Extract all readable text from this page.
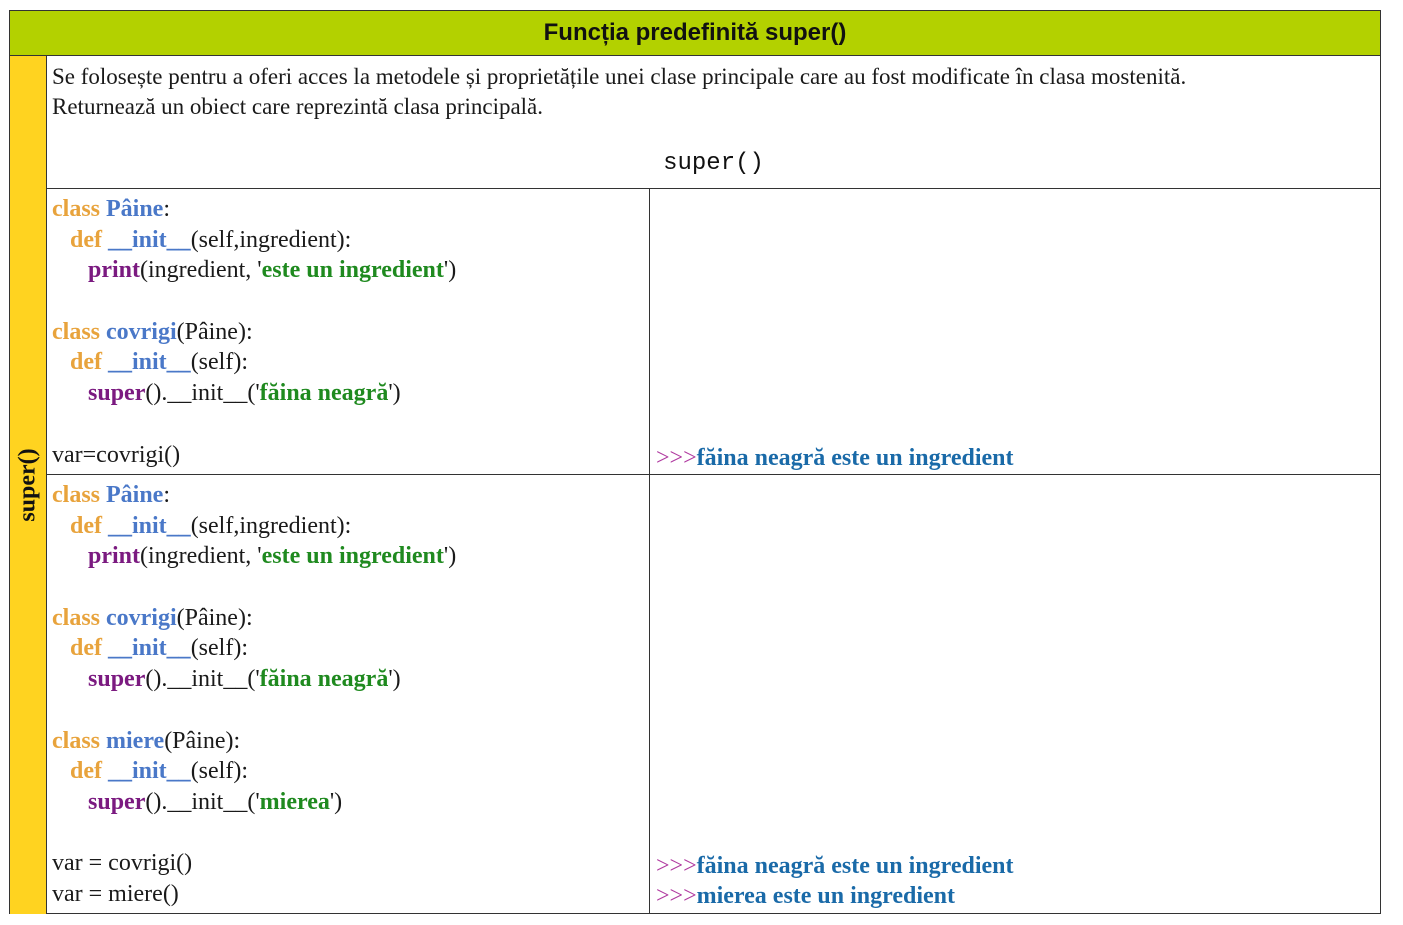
Funcția predefinită super()
super()
Se folosește pentru a oferi acces la metodele și proprietățile unei clase principale care au fost modificate în clasa mostenită.
Returnează un obiect care reprezintă clasa principală.
super()
class Pâine:
def __init__(self,ingredient):
print(ingredient, 'este un ingredient')
class covrigi(Pâine):
def __init__(self):
super().__init__('făina neagră')
var=covrigi()	>>>făina neagră este un ingredient
class Pâine:
def __init__(self,ingredient):
print(ingredient, 'este un ingredient')
class covrigi(Pâine):
def __init__(self):
super().__init__('făina neagră')
class miere(Pâine):
def __init__(self):
super().__init__('mierea')
var = covrigi()
var = miere()
>>>făina neagră este un ingredient
>>>mierea este un ingredient
